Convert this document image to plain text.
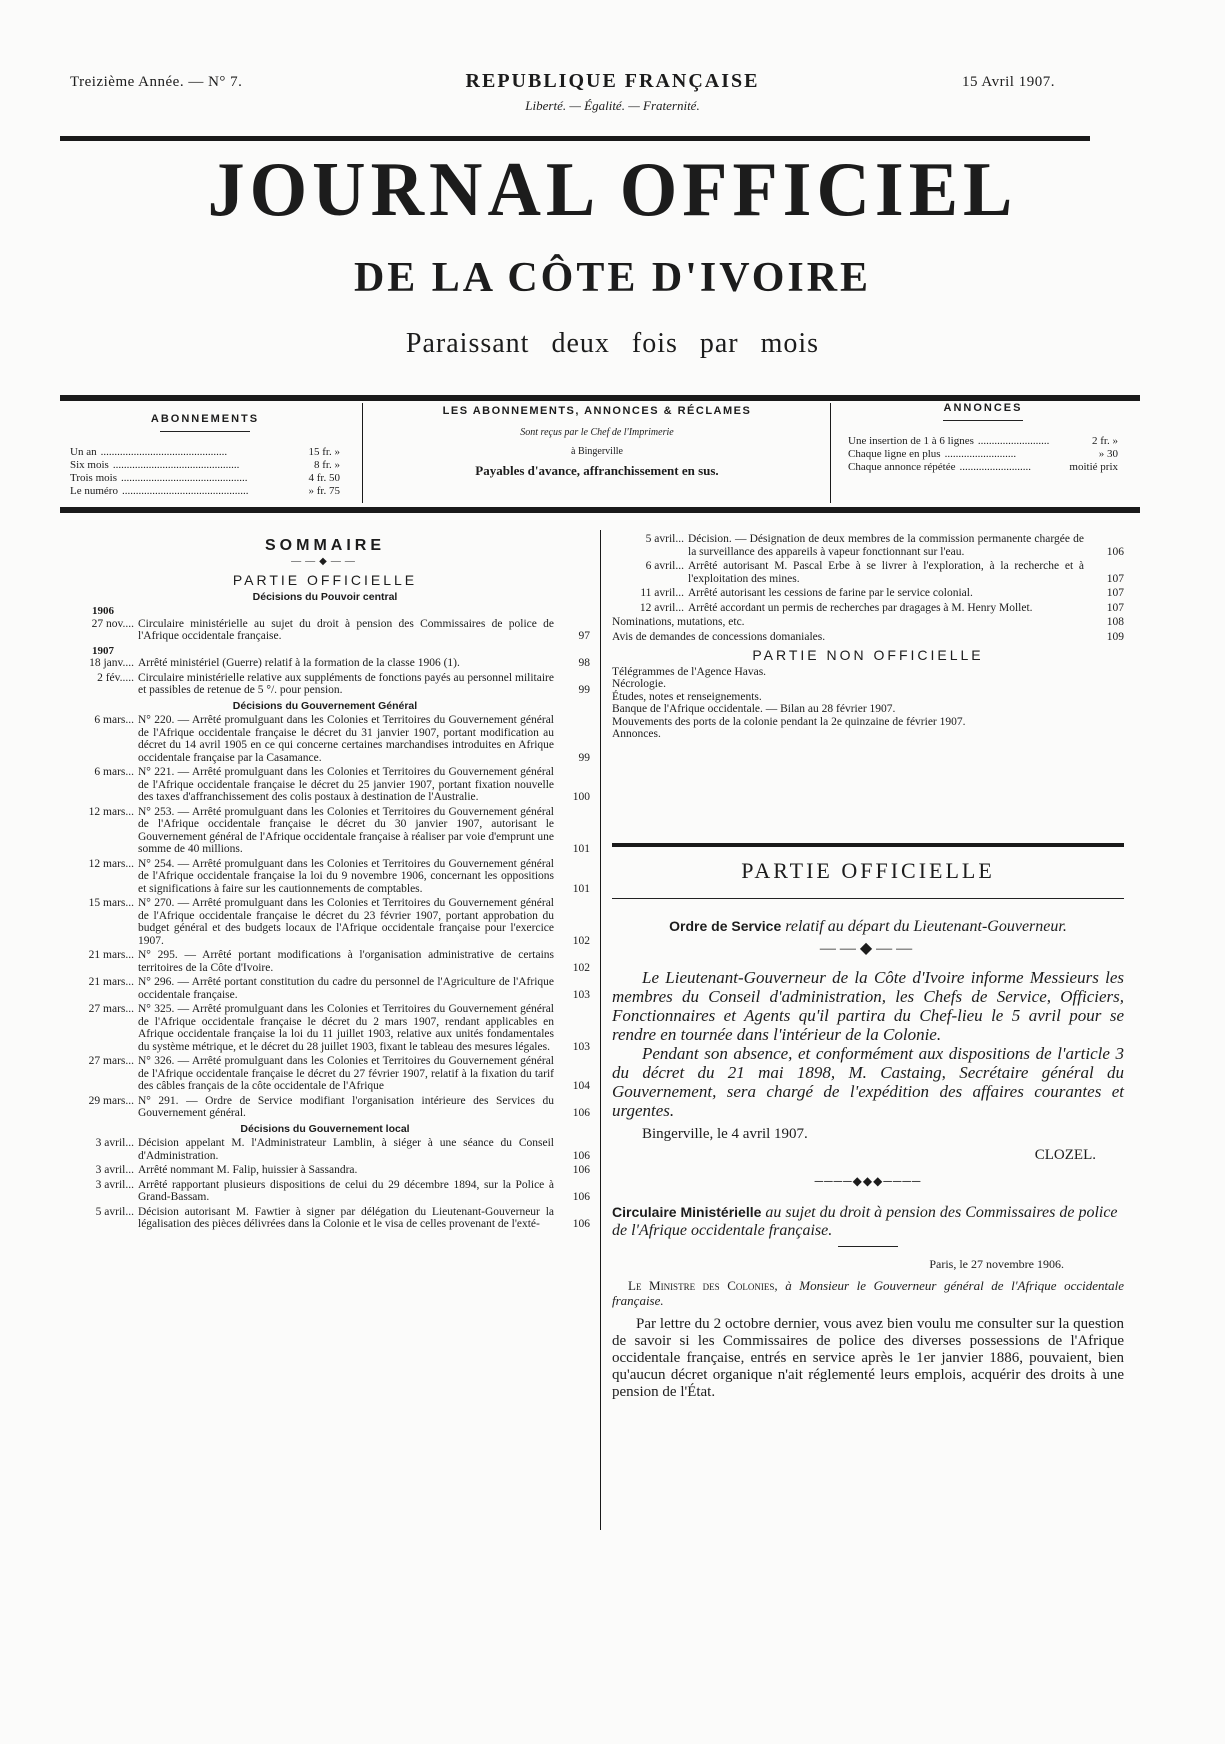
Treizième Année. — N° 7.	15 Avril 1907.
REPUBLIQUE FRANÇAISE
Liberté. — Égalité. — Fraternité.
JOURNAL OFFICIEL
DE LA CÔTE D'IVOIRE
Paraissant deux fois par mois
ABONNEMENTS
Un an ..............................................	15 fr. »
Six mois ..............................................	8 fr. »
Trois mois ..............................................	4 fr. 50
Le numéro ..............................................	» fr. 75
LES ABONNEMENTS, ANNONCES & RÉCLAMES
Sont reçus par le Chef de l'Imprimerie
à Bingerville
Payables d'avance, affranchissement en sus.
ANNONCES
Une insertion de 1 à 6 lignes ..........................	2 fr. »
Chaque ligne en plus ..........................	» 30
Chaque annonce répétée ..........................	moitié prix
SOMMAIRE
——◆——
PARTIE OFFICIELLE
Décisions du Pouvoir central
1906
27 nov.... Circulaire ministérielle au sujet du droit à pension des Commissaires de police de l'Afrique occidentale française.	97
1907
18 janv.... Arrêté ministériel (Guerre) relatif à la formation de la classe 1906 (1).	98
2 fév..... Circulaire ministérielle relative aux suppléments de fonctions payés au personnel militaire et passibles de retenue de 5 °/. pour pension.	99
Décisions du Gouvernement Général
6 mars... N° 220. — Arrêté promulguant dans les Colonies et Territoires du Gouvernement général de l'Afrique occidentale française le décret du 31 janvier 1907, portant modification au décret du 14 avril 1905 en ce qui concerne certaines marchandises introduites en Afrique occidentale française par la Casamance.	99
6 mars... N° 221. — Arrêté promulguant dans les Colonies et Territoires du Gouvernement général de l'Afrique occidentale française le décret du 25 janvier 1907, portant fixation nouvelle des taxes d'affranchissement des colis postaux à destination de l'Australie.	100
12 mars... N° 253. — Arrêté promulguant dans les Colonies et Territoires du Gouvernement général de l'Afrique occidentale française le décret du 30 janvier 1907, autorisant le Gouvernement général de l'Afrique occidentale française à réaliser par voie d'emprunt une somme de 40 millions.	101
12 mars... N° 254. — Arrêté promulguant dans les Colonies et Territoires du Gouvernement général de l'Afrique occidentale française la loi du 9 novembre 1906, concernant les oppositions et significations à faire sur les cautionnements de comptables.	101
15 mars... N° 270. — Arrêté promulguant dans les Colonies et Territoires du Gouvernement général de l'Afrique occidentale française le décret du 23 février 1907, portant approbation du budget général et des budgets locaux de l'Afrique occidentale française pour l'exercice 1907.	102
21 mars... N° 295. — Arrêté portant modifications à l'organisation administrative de certains territoires de la Côte d'Ivoire.	102
21 mars... N° 296. — Arrêté portant constitution du cadre du personnel de l'Agriculture de l'Afrique occidentale française.	103
27 mars... N° 325. — Arrêté promulguant dans les Colonies et Territoires du Gouvernement général de l'Afrique occidentale française le décret du 2 mars 1907, rendant applicables en Afrique occidentale française la loi du 11 juillet 1903, relative aux unités fondamentales du système métrique, et le décret du 28 juillet 1903, fixant le tableau des mesures légales.	103
27 mars... N° 326. — Arrêté promulguant dans les Colonies et Territoires du Gouvernement général de l'Afrique occidentale française le décret du 27 février 1907, relatif à la fixation du tarif des câbles français de la côte occidentale de l'Afrique	104
29 mars... N° 291. — Ordre de Service modifiant l'organisation intérieure des Services du Gouvernement général.	106
Décisions du Gouvernement local
3 avril... Décision appelant M. l'Administrateur Lamblin, à siéger à une séance du Conseil d'Administration.	106
3 avril... Arrêté nommant M. Falip, huissier à Sassandra.	106
3 avril... Arrêté rapportant plusieurs dispositions de celui du 29 décembre 1894, sur la Police à Grand-Bassam.	106
5 avril... Décision autorisant M. Fawtier à signer par délégation du Lieutenant-Gouverneur la légalisation des pièces délivrées dans la Colonie et le visa de celles provenant de l'exté-	106
5 avril... Décision. — Désignation de deux membres de la commission permanente chargée de la surveillance des appareils à vapeur fonctionnant sur l'eau.	106
6 avril... Arrêté autorisant M. Pascal Erbe à se livrer à l'exploration, à la recherche et à l'exploitation des mines.	107
11 avril... Arrêté autorisant les cessions de farine par le service colonial.	107
12 avril... Arrêté accordant un permis de recherches par dragages à M. Henry Mollet.	107
Nominations, mutations, etc.	108
Avis de demandes de concessions domaniales.	109
PARTIE NON OFFICIELLE
Télégrammes de l'Agence Havas.
Nécrologie.
Études, notes et renseignements.
Banque de l'Afrique occidentale. — Bilan au 28 février 1907.
Mouvements des ports de la colonie pendant la 2e quinzaine de février 1907.
Annonces.
PARTIE OFFICIELLE
Ordre de Service relatif au départ du Lieutenant-Gouverneur.
——◆——
Le Lieutenant-Gouverneur de la Côte d'Ivoire informe Messieurs les membres du Conseil d'administration, les Chefs de Service, Officiers, Fonctionnaires et Agents qu'il partira du Chef-lieu le 5 avril pour se rendre en tournée dans l'intérieur de la Colonie.
Pendant son absence, et conformément aux dispositions de l'article 3 du décret du 21 mai 1898, M. Castaing, Secrétaire général du Gouvernement, sera chargé de l'expédition des affaires courantes et urgentes.
Bingerville, le 4 avril 1907.
CLOZEL.
────◆◆◆────
Circulaire Ministérielle au sujet du droit à pension des Commissaires de police de l'Afrique occidentale française.
Paris, le 27 novembre 1906.
Le Ministre des Colonies, à Monsieur le Gouverneur général de l'Afrique occidentale française.
Par lettre du 2 octobre dernier, vous avez bien voulu me consulter sur la question de savoir si les Commissaires de police des diverses possessions de l'Afrique occidentale française, entrés en service après le 1er janvier 1886, pouvaient, bien qu'aucun décret organique n'ait réglementé leurs emplois, acquérir des droits à une pension de l'État.
